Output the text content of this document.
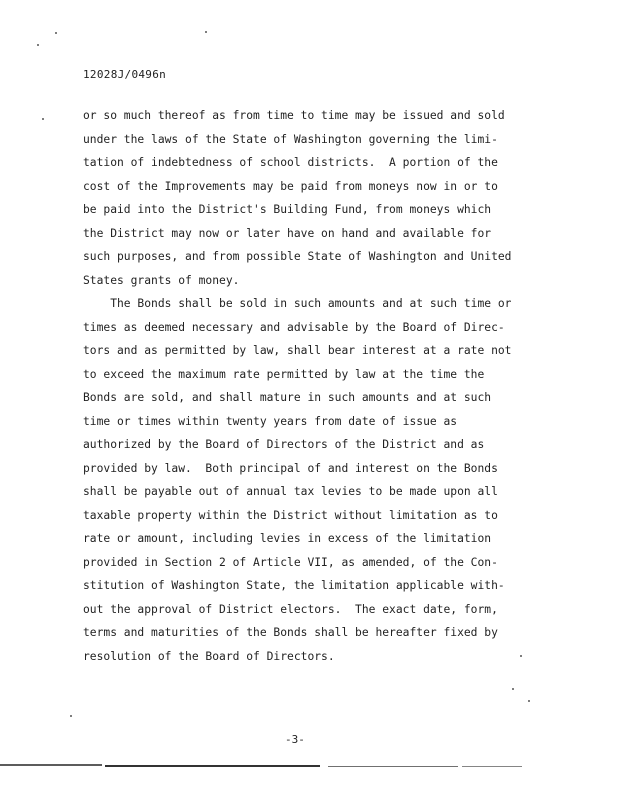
12028J/0496n
or so much thereof as from time to time may be issued and sold
under the laws of the State of Washington governing the limi-
tation of indebtedness of school districts.  A portion of the
cost of the Improvements may be paid from moneys now in or to
be paid into the District's Building Fund, from moneys which
the District may now or later have on hand and available for
such purposes, and from possible State of Washington and United
States grants of money.
The Bonds shall be sold in such amounts and at such time or
times as deemed necessary and advisable by the Board of Direc-
tors and as permitted by law, shall bear interest at a rate not
to exceed the maximum rate permitted by law at the time the
Bonds are sold, and shall mature in such amounts and at such
time or times within twenty years from date of issue as
authorized by the Board of Directors of the District and as
provided by law.  Both principal of and interest on the Bonds
shall be payable out of annual tax levies to be made upon all
taxable property within the District without limitation as to
rate or amount, including levies in excess of the limitation
provided in Section 2 of Article VII, as amended, of the Con-
stitution of Washington State, the limitation applicable with-
out the approval of District electors.  The exact date, form,
terms and maturities of the Bonds shall be hereafter fixed by
resolution of the Board of Directors.
-3-
